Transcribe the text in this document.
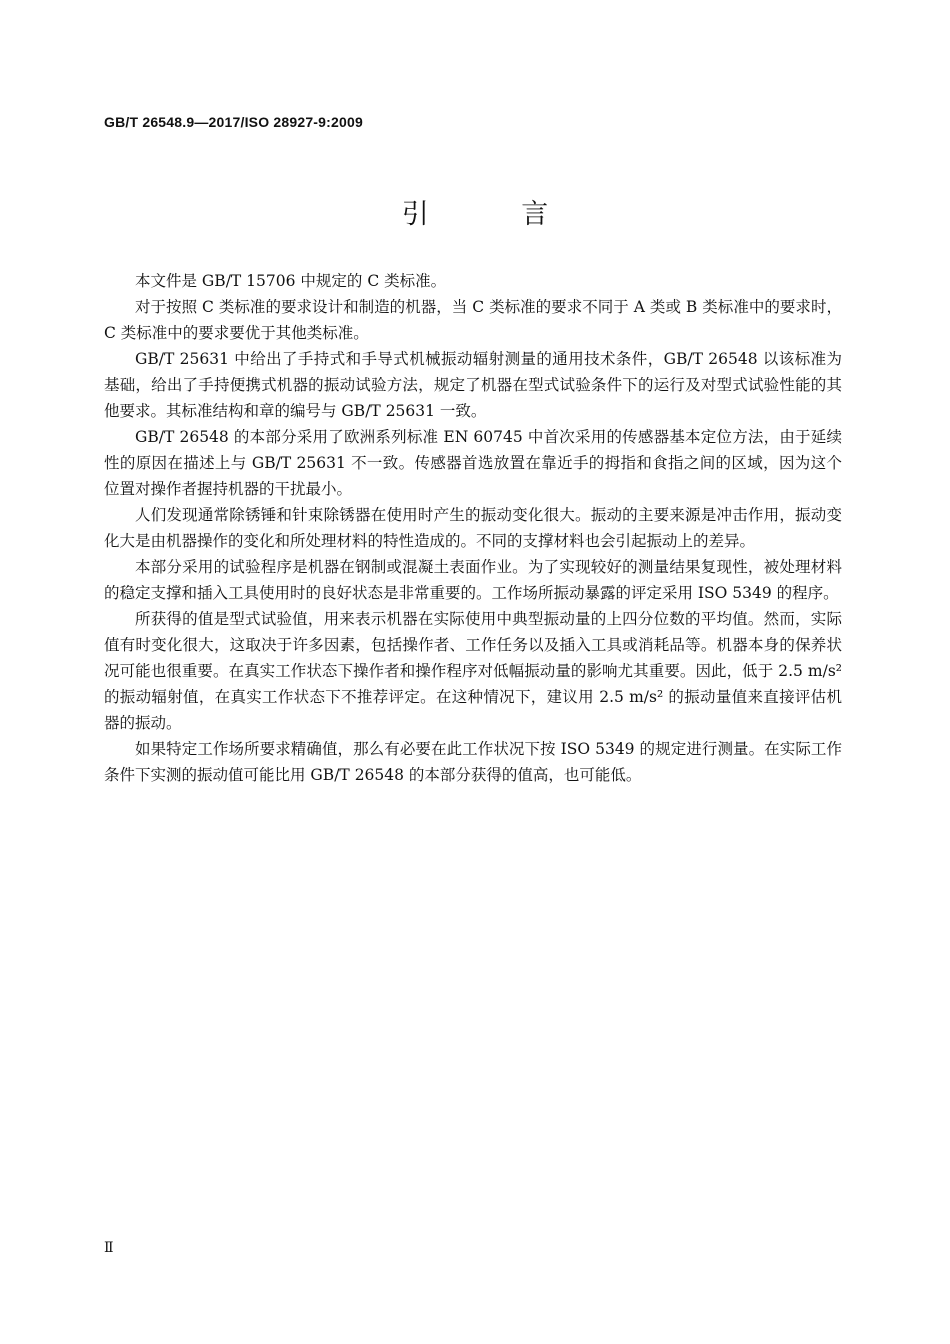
GB/T 26548.9—2017/ISO 28927-9:2009
引 言

本文件是 GB/T 15706 中规定的 C 类标准。

对于按照 C 类标准的要求设计和制造的机器，当 C 类标准的要求不同于 A 类或 B 类标准中的要求时，C 类标准中的要求要优于其他类标准。

GB/T 25631 中给出了手持式和手导式机械振动辐射测量的通用技术条件，GB/T 26548 以该标准为基础，给出了手持便携式机器的振动试验方法，规定了机器在型式试验条件下的运行及对型式试验性能的其他要求。其标准结构和章的编号与 GB/T 25631 一致。

GB/T 26548 的本部分采用了欧洲系列标准 EN 60745 中首次采用的传感器基本定位方法，由于延续性的原因在描述上与 GB/T 25631 不一致。传感器首选放置在靠近手的拇指和食指之间的区域，因为这个位置对操作者握持机器的干扰最小。

人们发现通常除锈锤和针束除锈器在使用时产生的振动变化很大。振动的主要来源是冲击作用，振动变化大是由机器操作的变化和所处理材料的特性造成的。不同的支撑材料也会引起振动上的差异。

本部分采用的试验程序是机器在钢制或混凝土表面作业。为了实现较好的测量结果复现性，被处理材料的稳定支撑和插入工具使用时的良好状态是非常重要的。工作场所振动暴露的评定采用 ISO 5349 的程序。

所获得的值是型式试验值，用来表示机器在实际使用中典型振动量的上四分位数的平均值。然而，实际值有时变化很大，这取决于许多因素，包括操作者、工作任务以及插入工具或消耗品等。机器本身的保养状况可能也很重要。在真实工作状态下操作者和操作程序对低幅振动量的影响尤其重要。因此，低于 2.5 m/s² 的振动辐射值，在真实工作状态下不推荐评定。在这种情况下，建议用 2.5 m/s² 的振动量值来直接评估机器的振动。

如果特定工作场所要求精确值，那么有必要在此工作状况下按 ISO 5349 的规定进行测量。在实际工作条件下实测的振动值可能比用 GB/T 26548 的本部分获得的值高，也可能低。

Ⅱ
